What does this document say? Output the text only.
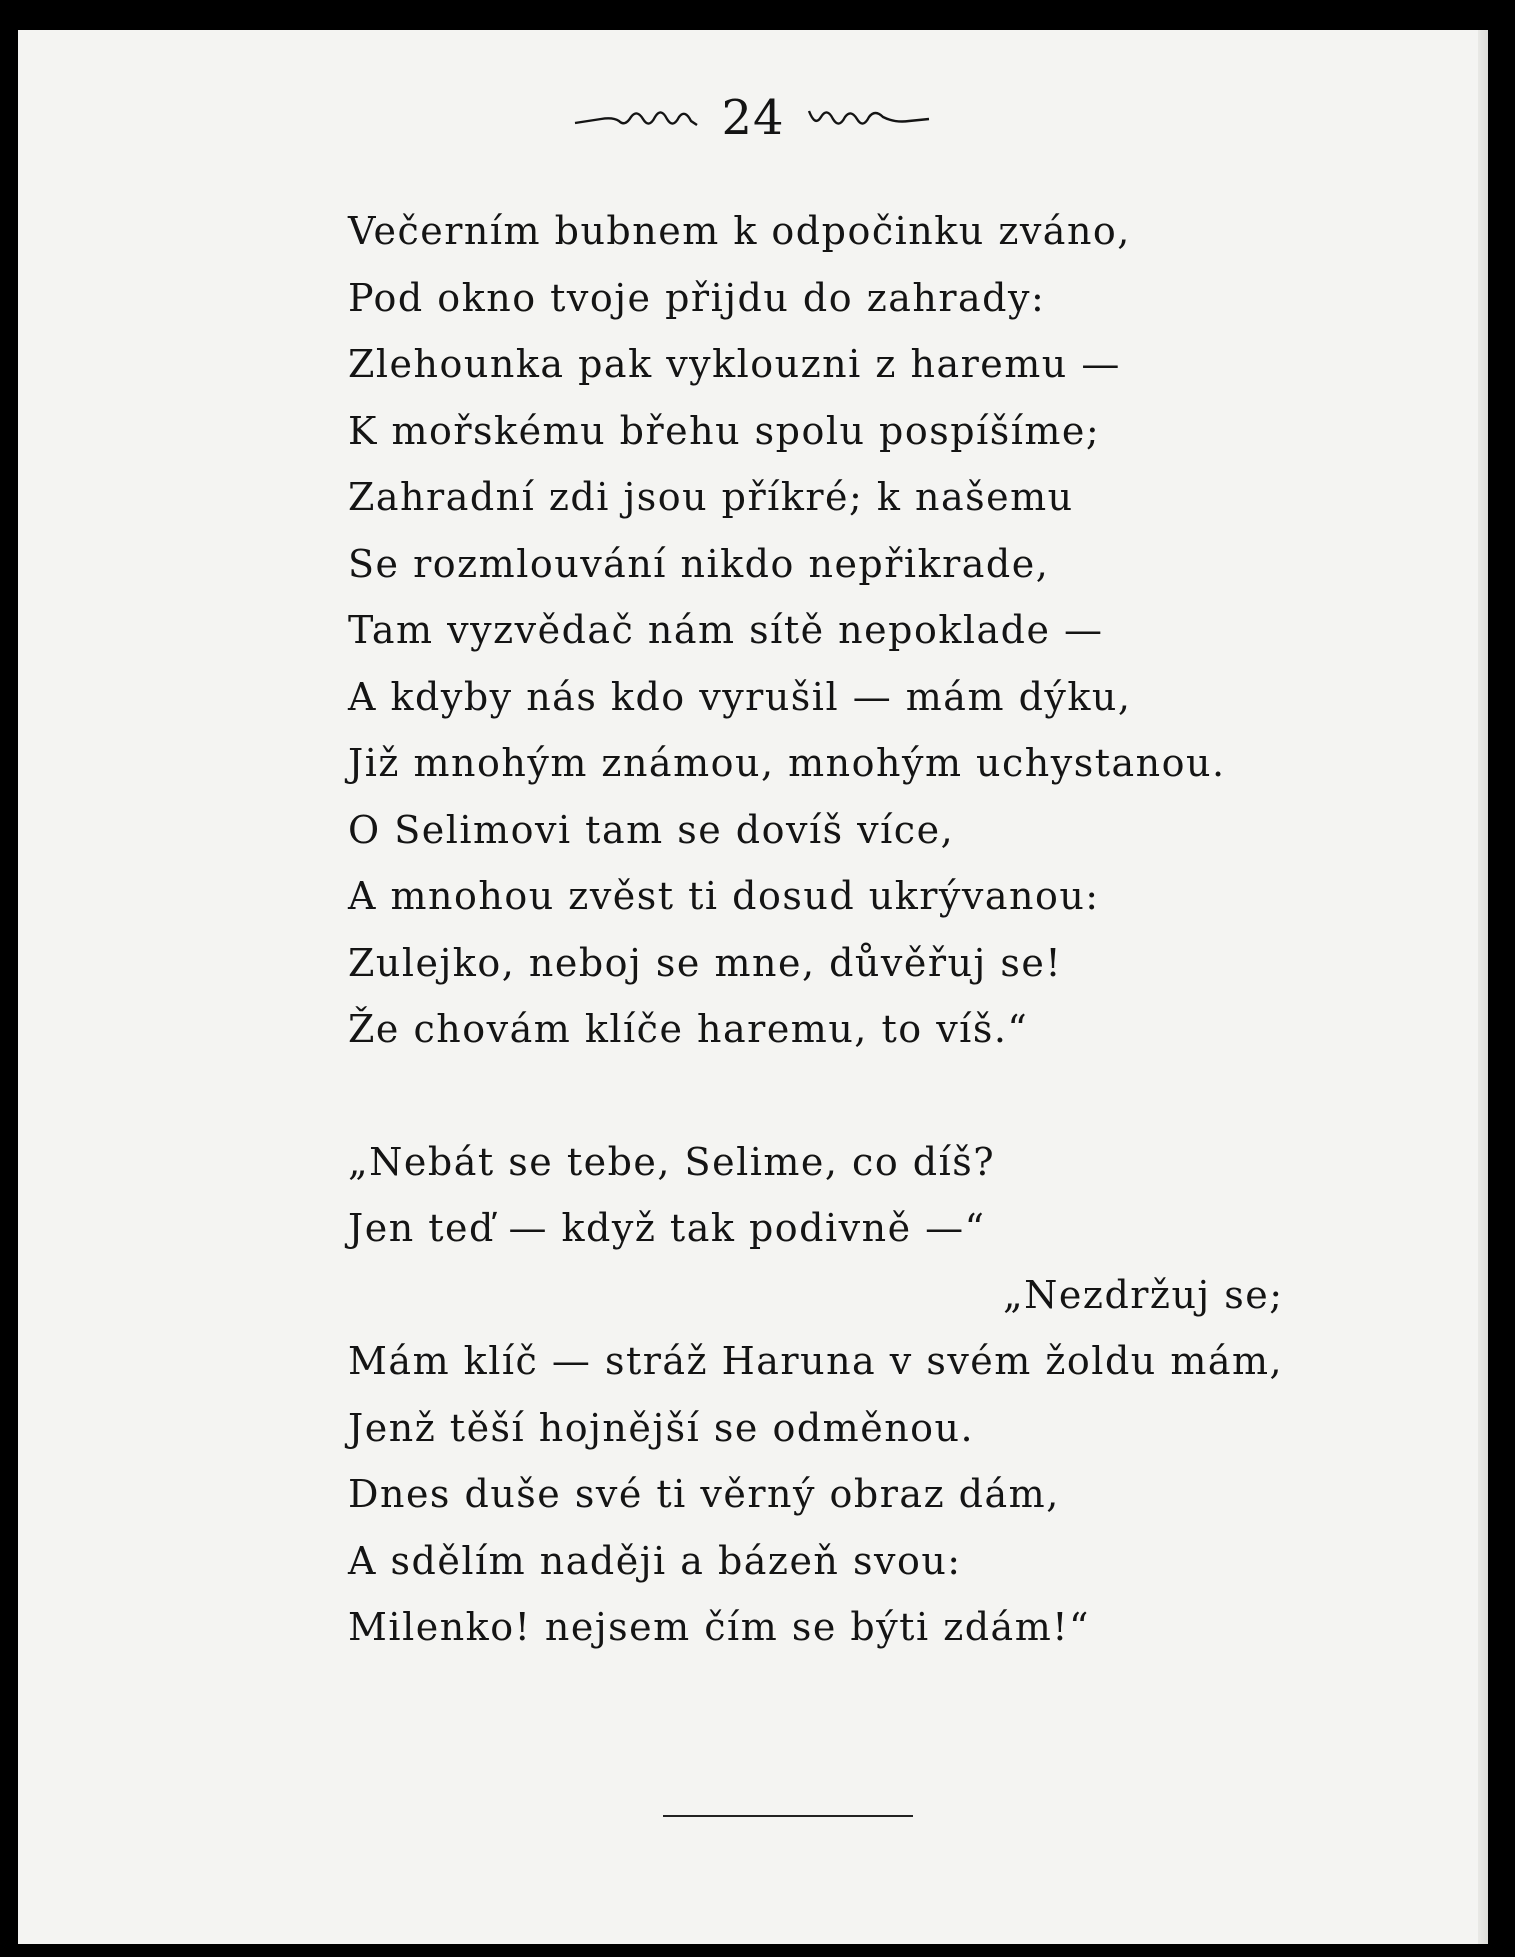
24
Večerním bubnem k odpočinku zváno,
Pod okno tvoje přijdu do zahrady:
Zlehounka pak vyklouzni z haremu —
K mořskému břehu spolu pospíšíme;
Zahradní zdi jsou příkré; k našemu
Se rozmlouvání nikdo nepřikrade,
Tam vyzvědač nám sítě nepoklade —
A kdyby nás kdo vyrušil — mám dýku,
Již mnohým známou, mnohým uchystanou.
O Selimovi tam se dovíš více,
A mnohou zvěst ti dosud ukrývanou:
Zulejko, neboj se mne, důvěřuj se!
Že chovám klíče haremu, to víš.“
„Nebát se tebe, Selime, co díš?
Jen teď — když tak podivně —“
„Nezdržuj se;
Mám klíč — stráž Haruna v svém žoldu mám,
Jenž těší hojnější se odměnou.
Dnes duše své ti věrný obraz dám,
A sdělím naději a bázeň svou:
Milenko! nejsem čím se býti zdám!“
